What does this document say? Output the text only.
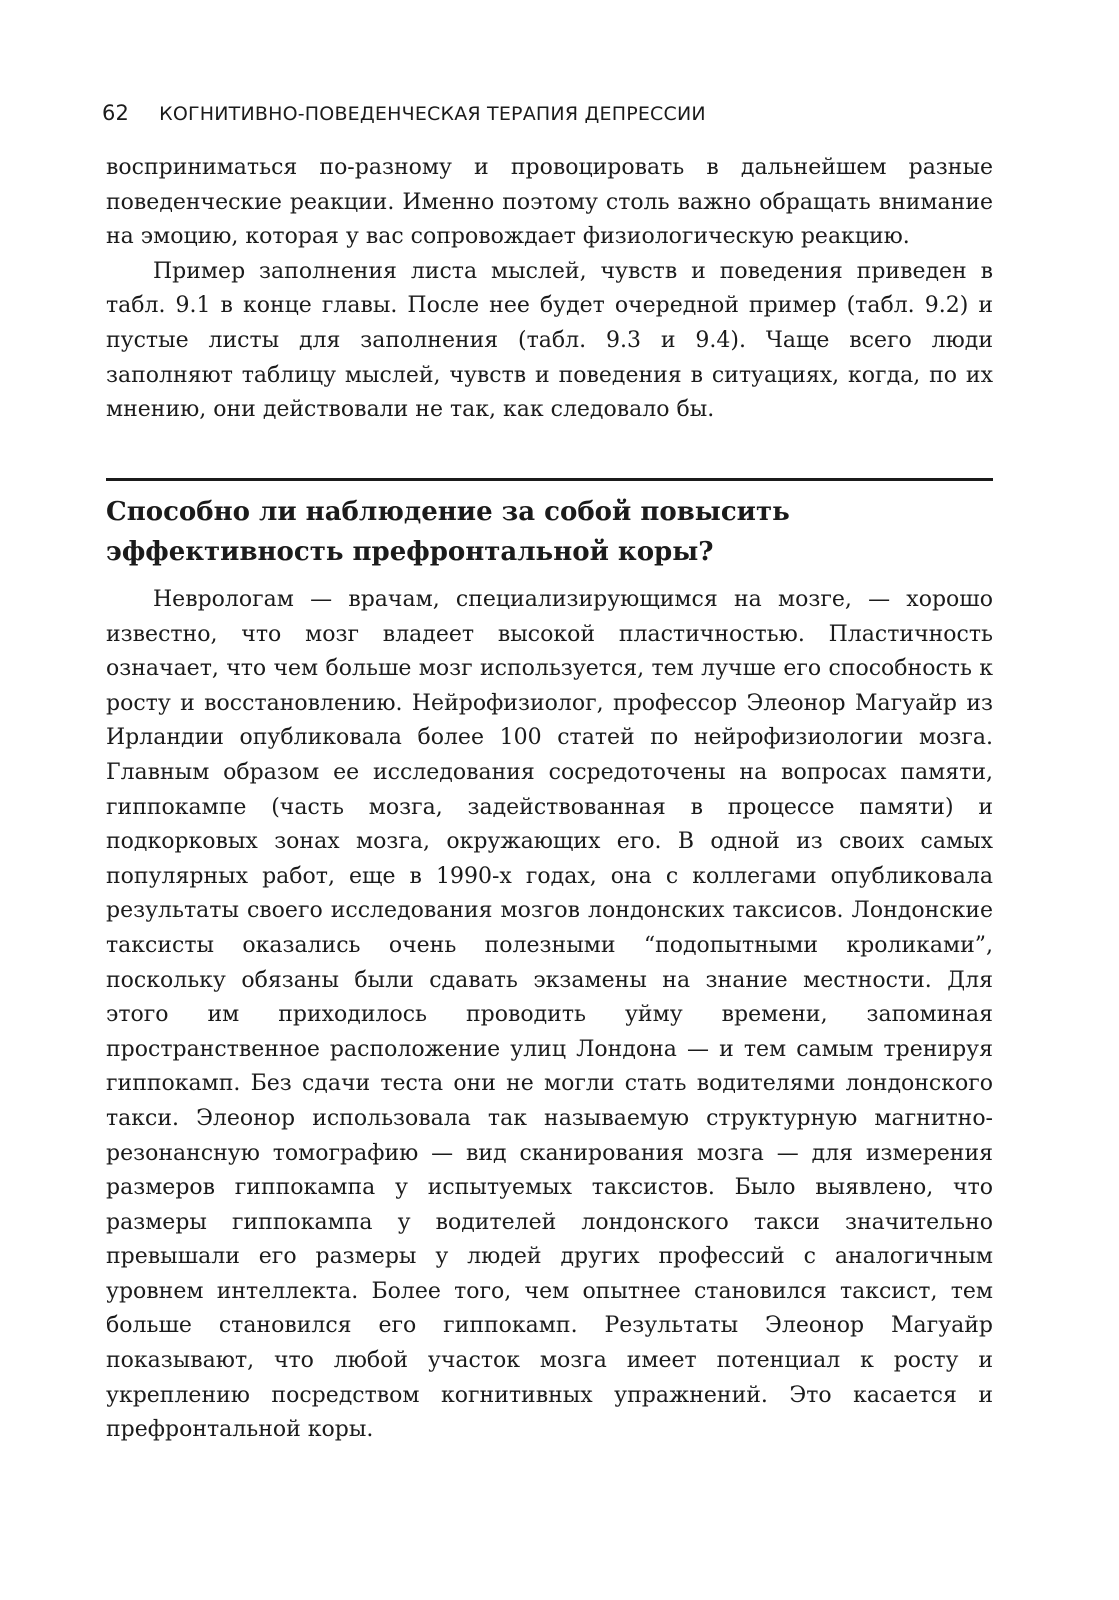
62 КОГНИТИВНО-ПОВЕДЕНЧЕСКАЯ ТЕРАПИЯ ДЕПРЕССИИ

восприниматься по-разному и провоцировать в дальнейшем разные поведенческие реакции. Именно поэтому столь важно обращать внимание на эмоцию, которая у вас сопровождает физиологическую реакцию.

Пример заполнения листа мыслей, чувств и поведения приведен в табл. 9.1 в конце главы. После нее будет очередной пример (табл. 9.2) и пустые листы для заполнения (табл. 9.3 и 9.4). Чаще всего люди заполняют таблицу мыслей, чувств и поведения в ситуациях, когда, по их мнению, они действовали не так, как следовало бы.

Способно ли наблюдение за собой повысить
эффективность префронтальной коры?

Неврологам — врачам, специализирующимся на мозге, — хорошо известно, что мозг владеет высокой пластичностью. Пластичность означает, что чем больше мозг используется, тем лучше его способность к росту и восстановлению. Нейрофизиолог, профессор Элеонор Магуайр из Ирландии опубликовала более 100 статей по нейрофизиологии мозга. Главным образом ее исследования сосредоточены на вопросах памяти, гиппокампе (часть мозга, задействованная в процессе памяти) и подкорковых зонах мозга, окружающих его. В одной из своих самых популярных работ, еще в 1990-х годах, она с коллегами опубликовала результаты своего исследования мозгов лондонских таксисов. Лондонские таксисты оказались очень полезными “подопытными кроликами”, поскольку обязаны были сдавать экзамены на знание местности. Для этого им приходилось проводить уйму времени, запоминая пространственное расположение улиц Лондона — и тем самым тренируя гиппокамп. Без сдачи теста они не могли стать водителями лондонского такси. Элеонор использовала так называемую структурную магнитно-резонансную томографию — вид сканирования мозга — для измерения размеров гиппокампа у испытуемых таксистов. Было выявлено, что размеры гиппокампа у водителей лондонского такси значительно превышали его размеры у людей других профессий с аналогичным уровнем интеллекта. Более того, чем опытнее становился таксист, тем больше становился его гиппокамп. Результаты Элеонор Магуайр показывают, что любой участок мозга имеет потенциал к росту и укреплению посредством когнитивных упражнений. Это касается и префронтальной коры.
